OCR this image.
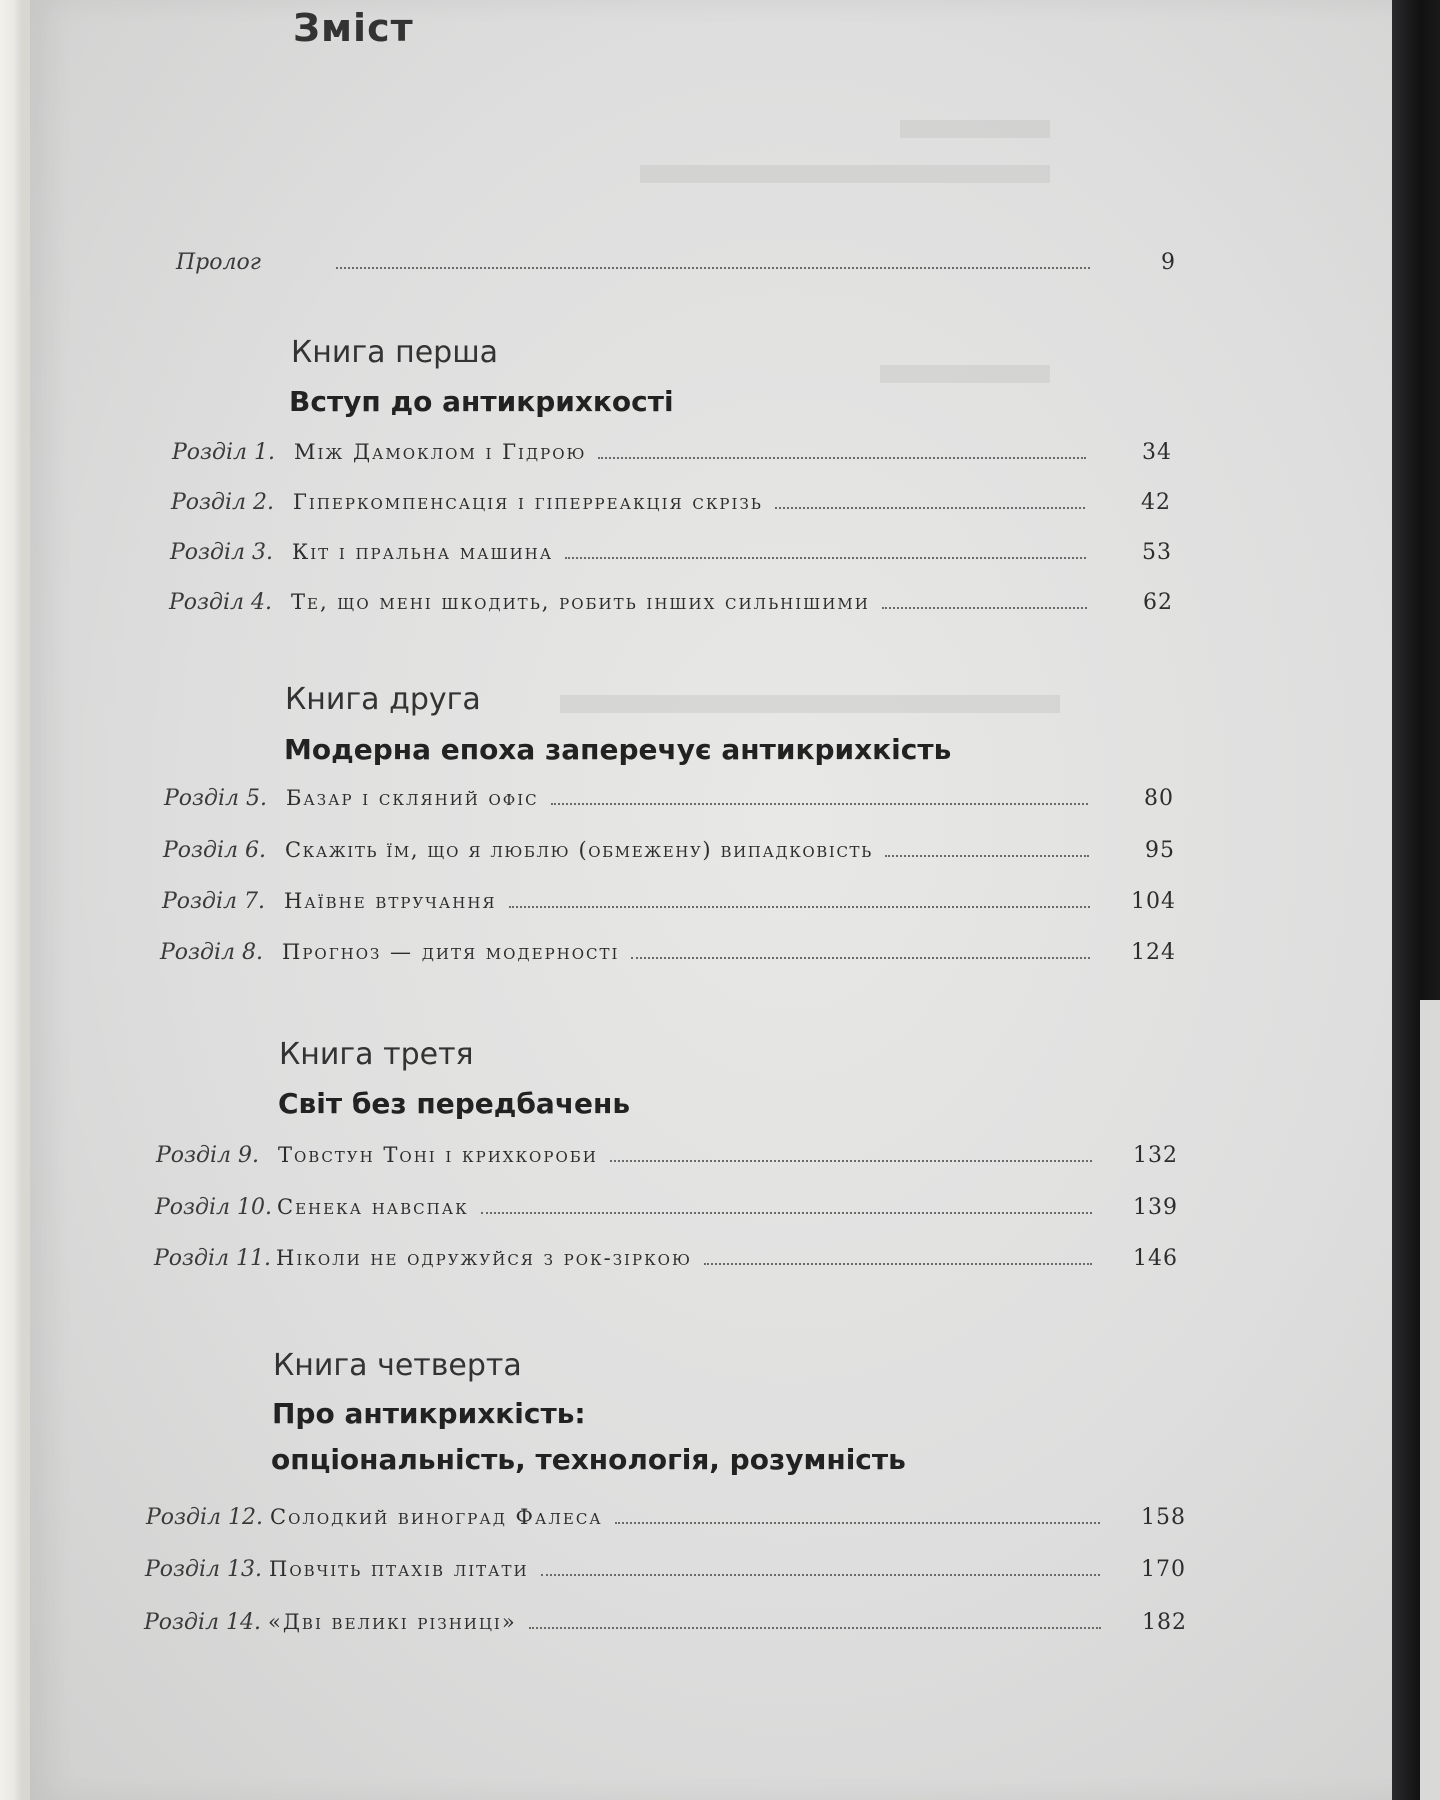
Зміст
Пролог	9
Книга перша
Вступ до антикрихкості
Розділ 1. Між Дамоклом і Гідрою	34
Розділ 2. Гіперкомпенсація і гіперреакція скрізь	42
Розділ 3. Кіт і пральна машина	53
Розділ 4. Те, що мені шкодить, робить інших сильнішими	62
Книга друга
Модерна епоха заперечує антикрихкість
Розділ 5. Базар і скляний офіс	80
Розділ 6. Скажіть їм, що я люблю (обмежену) випадковість	95
Розділ 7. Наївне втручання	104
Розділ 8. Прогноз — дитя модерності	124
Книга третя
Світ без передбачень
Розділ 9. Товстун Тоні і крихкороби	132
Розділ 10. Сенека навспак	139
Розділ 11. Ніколи не одружуйся з рок-зіркою	146
Книга четверта
Про антикрихкість:
опціональність, технологія, розумність
Розділ 12. Солодкий виноград Фалеса	158
Розділ 13. Повчіть птахів літати	170
Розділ 14. «Дві великі різниці»	182
